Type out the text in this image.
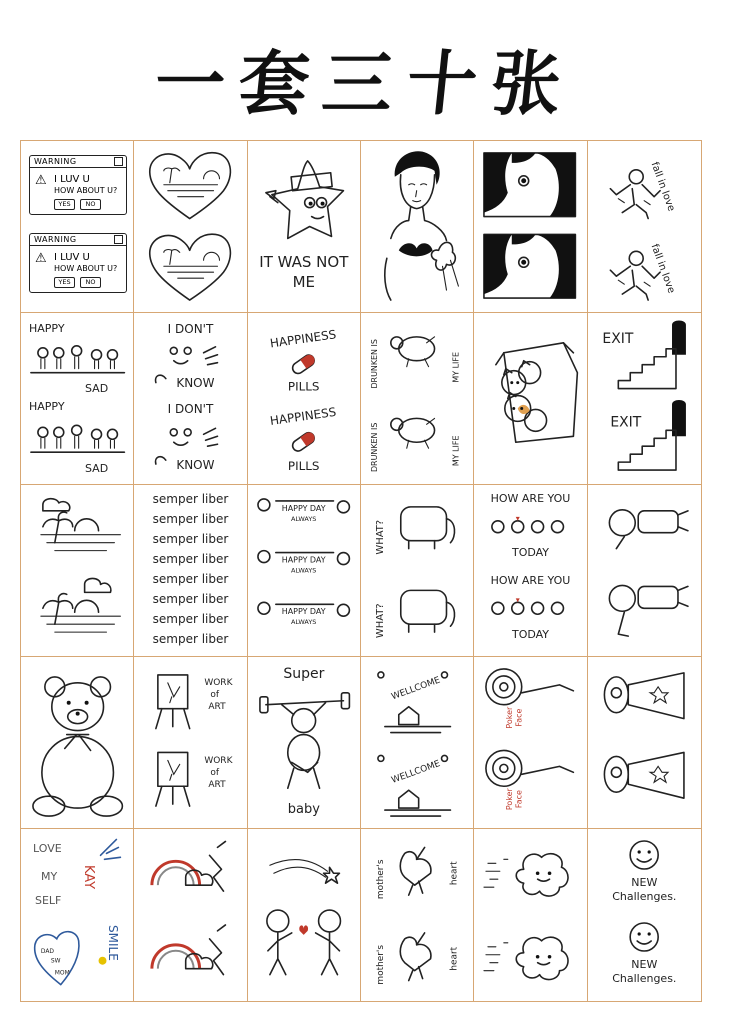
一套三十张
WARNING
⚠ I LUV U
HOW ABOUT U?
YES	NO
WARNING
⚠ I LUV U
HOW ABOUT U?
YES	NO
IT WAS NOT
ME
fall in love
fall in love
HAPPY
HAPPY
SAD
SAD
I DON'T
KNOW
I DON'T
KNOW
HAPPINESS
PILLS
HAPPINESS
PILLS
DRUNKEN IS
DRUNKEN IS
MY LIFE
MY LIFE
EXIT
EXIT
semper liber
semper liber
semper liber
semper liber
semper liber
semper liber
semper liber
semper liber
HAPPY DAY
ALWAYS
HAPPY DAY
ALWAYS
HAPPY DAY
ALWAYS
WHAT?
WHAT?
HOW ARE YOU
TODAY
HOW ARE YOU
TODAY
WORK
of
ART
WORK
of
ART
Super
baby
WELLCOME
WELLCOME
Poker Face
Poker Face
LOVE
MY
SELF
KAY
SMILE
DAD
SW
MOM
mother's
mother's
heart
heart
NEW
Challenges.
NEW
Challenges.
